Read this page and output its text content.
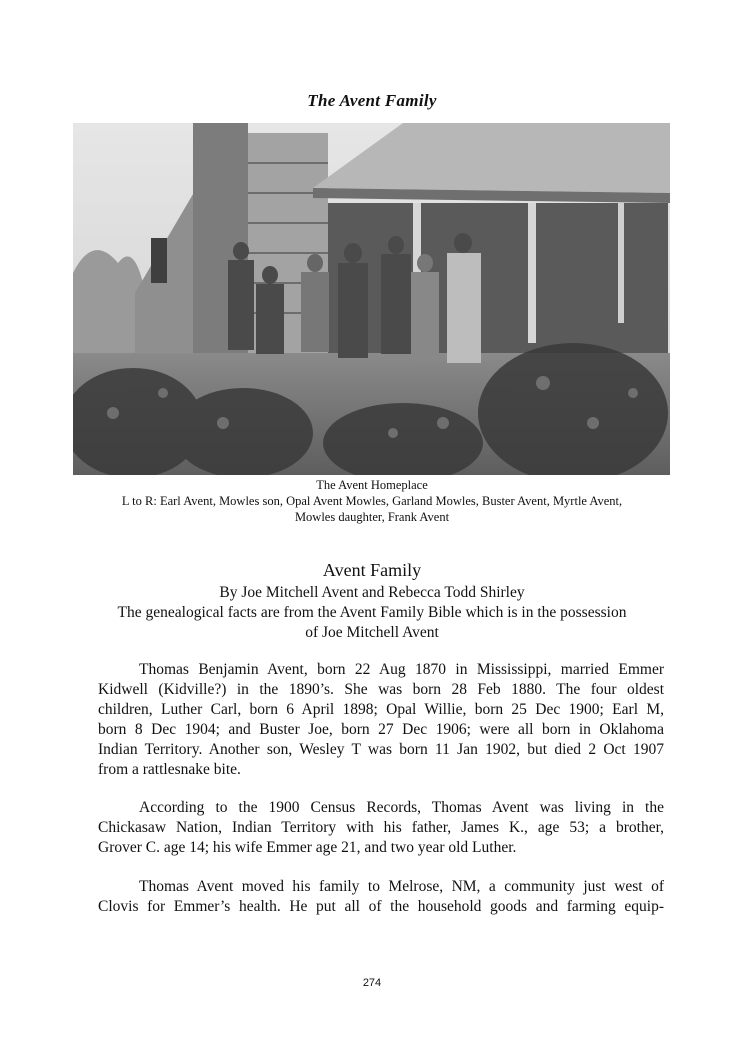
The Avent Family
The Avent Homeplace
L to R: Earl Avent, Mowles son, Opal Avent Mowles, Garland Mowles, Buster Avent, Myrtle Avent,
Mowles daughter, Frank Avent
Avent Family
By Joe Mitchell Avent and Rebecca Todd Shirley
The genealogical facts are from the Avent Family Bible which is in the possession
of Joe Mitchell Avent
Thomas Benjamin Avent, born 22 Aug 1870 in Mississippi, married Emmer
Kidwell (Kidville?) in the 1890’s. She was born 28 Feb 1880. The four oldest
children, Luther Carl, born 6 April 1898; Opal Willie, born 25 Dec 1900; Earl M,
born 8 Dec 1904; and Buster Joe, born 27 Dec 1906; were all born in Oklahoma
Indian Territory. Another son, Wesley T was born 11 Jan 1902, but died 2 Oct 1907
from a rattlesnake bite.
According to the 1900 Census Records, Thomas Avent was living in the
Chickasaw Nation, Indian Territory with his father, James K., age 53; a brother,
Grover C. age 14; his wife Emmer age 21, and two year old Luther.
Thomas Avent moved his family to Melrose, NM, a community just west of
Clovis for Emmer’s health. He put all of the household goods and farming equip-
274
